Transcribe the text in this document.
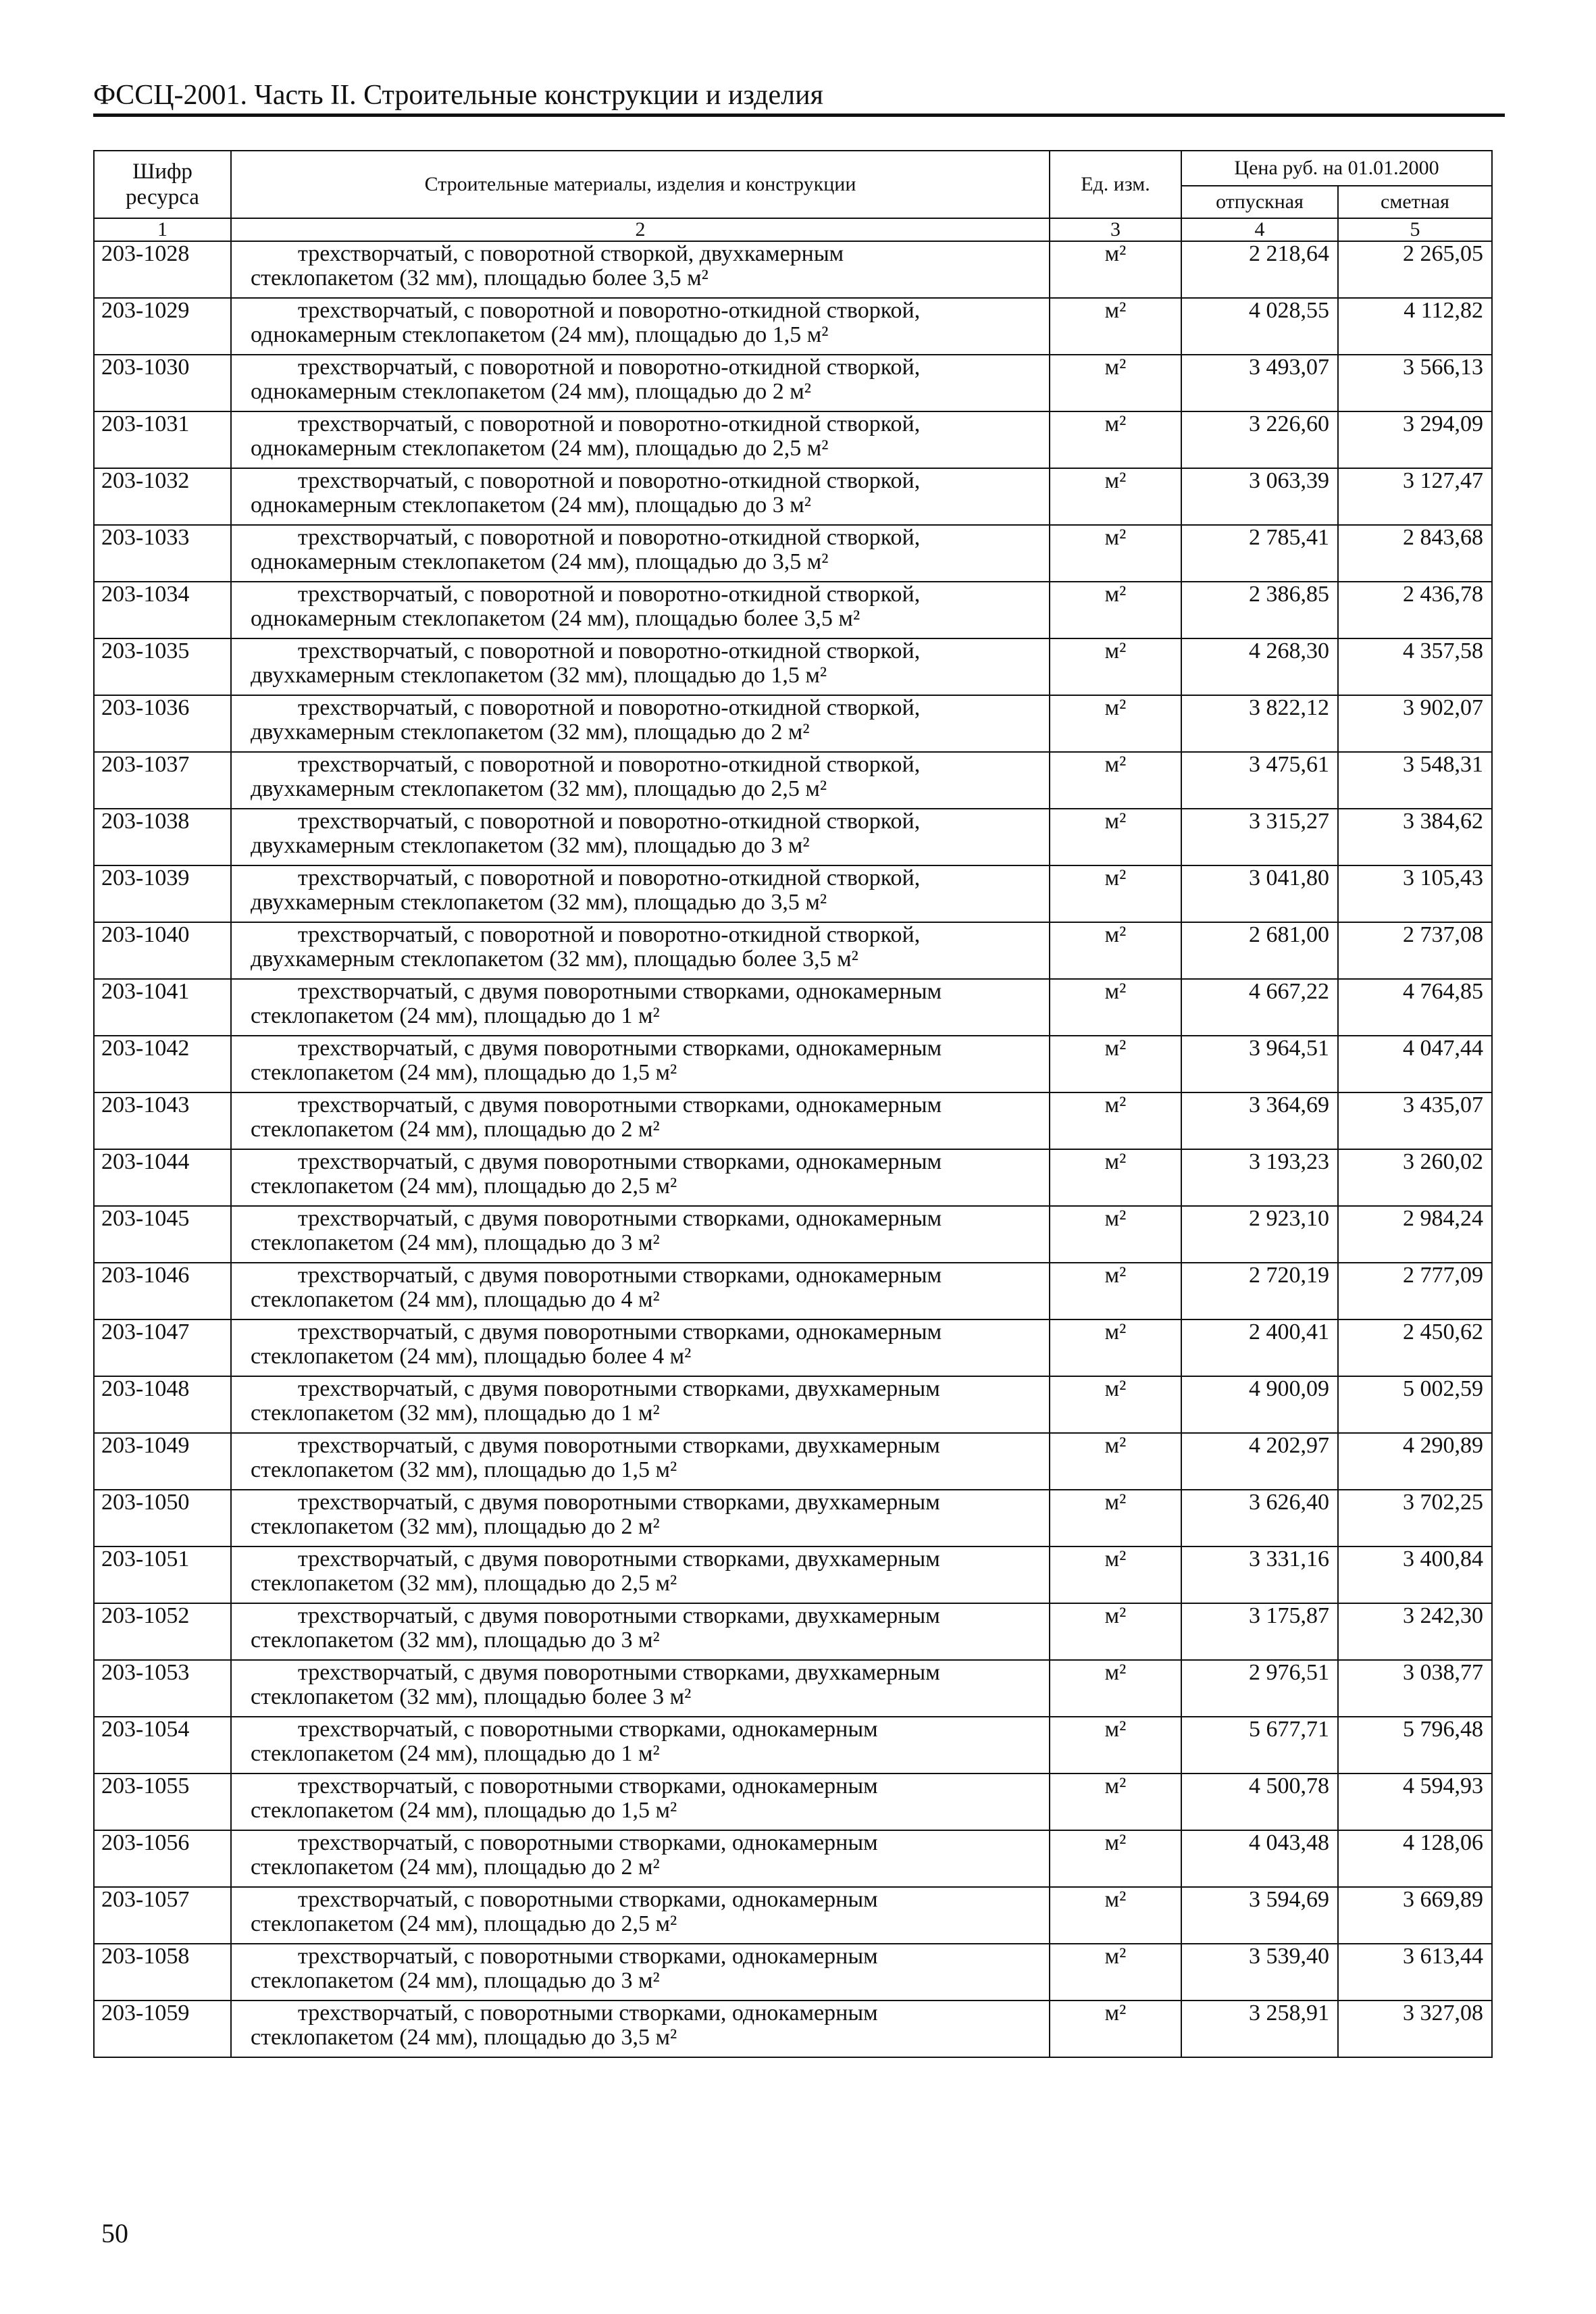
ФССЦ-2001. Часть II. Строительные конструкции и изделия
Шифр ресурса	Строительные материалы, изделия и конструкции	Ед. изм.	Цена руб. на 01.01.2000	
			отпускная	сметная
1	2	3	4	5
203-1028	трехстворчатый, с поворотной створкой, двухкамерным
стеклопакетом (32 мм), площадью более 3,5 м²	м²	2 218,64	2 265,05
203-1029	трехстворчатый, с поворотной и поворотно-откидной створкой,
однокамерным стеклопакетом (24 мм), площадью до 1,5 м²	м²	4 028,55	4 112,82
203-1030	трехстворчатый, с поворотной и поворотно-откидной створкой,
однокамерным стеклопакетом (24 мм), площадью до 2 м²	м²	3 493,07	3 566,13
203-1031	трехстворчатый, с поворотной и поворотно-откидной створкой,
однокамерным стеклопакетом (24 мм), площадью до 2,5 м²	м²	3 226,60	3 294,09
203-1032	трехстворчатый, с поворотной и поворотно-откидной створкой,
однокамерным стеклопакетом (24 мм), площадью до 3 м²	м²	3 063,39	3 127,47
203-1033	трехстворчатый, с поворотной и поворотно-откидной створкой,
однокамерным стеклопакетом (24 мм), площадью до 3,5 м²	м²	2 785,41	2 843,68
203-1034	трехстворчатый, с поворотной и поворотно-откидной створкой,
однокамерным стеклопакетом (24 мм), площадью более 3,5 м²	м²	2 386,85	2 436,78
203-1035	трехстворчатый, с поворотной и поворотно-откидной створкой,
двухкамерным стеклопакетом (32 мм), площадью до 1,5 м²	м²	4 268,30	4 357,58
203-1036	трехстворчатый, с поворотной и поворотно-откидной створкой,
двухкамерным стеклопакетом (32 мм), площадью до 2 м²	м²	3 822,12	3 902,07
203-1037	трехстворчатый, с поворотной и поворотно-откидной створкой,
двухкамерным стеклопакетом (32 мм), площадью до 2,5 м²	м²	3 475,61	3 548,31
203-1038	трехстворчатый, с поворотной и поворотно-откидной створкой,
двухкамерным стеклопакетом (32 мм), площадью до 3 м²	м²	3 315,27	3 384,62
203-1039	трехстворчатый, с поворотной и поворотно-откидной створкой,
двухкамерным стеклопакетом (32 мм), площадью до 3,5 м²	м²	3 041,80	3 105,43
203-1040	трехстворчатый, с поворотной и поворотно-откидной створкой,
двухкамерным стеклопакетом (32 мм), площадью более 3,5 м²	м²	2 681,00	2 737,08
203-1041	трехстворчатый, с двумя поворотными створками, однокамерным
стеклопакетом (24 мм), площадью до 1 м²	м²	4 667,22	4 764,85
203-1042	трехстворчатый, с двумя поворотными створками, однокамерным
стеклопакетом (24 мм), площадью до 1,5 м²	м²	3 964,51	4 047,44
203-1043	трехстворчатый, с двумя поворотными створками, однокамерным
стеклопакетом (24 мм), площадью до 2 м²	м²	3 364,69	3 435,07
203-1044	трехстворчатый, с двумя поворотными створками, однокамерным
стеклопакетом (24 мм), площадью до 2,5 м²	м²	3 193,23	3 260,02
203-1045	трехстворчатый, с двумя поворотными створками, однокамерным
стеклопакетом (24 мм), площадью до 3 м²	м²	2 923,10	2 984,24
203-1046	трехстворчатый, с двумя поворотными створками, однокамерным
стеклопакетом (24 мм), площадью до 4 м²	м²	2 720,19	2 777,09
203-1047	трехстворчатый, с двумя поворотными створками, однокамерным
стеклопакетом (24 мм), площадью более 4 м²	м²	2 400,41	2 450,62
203-1048	трехстворчатый, с двумя поворотными створками, двухкамерным
стеклопакетом (32 мм), площадью до 1 м²	м²	4 900,09	5 002,59
203-1049	трехстворчатый, с двумя поворотными створками, двухкамерным
стеклопакетом (32 мм), площадью до 1,5 м²	м²	4 202,97	4 290,89
203-1050	трехстворчатый, с двумя поворотными створками, двухкамерным
стеклопакетом (32 мм), площадью до 2 м²	м²	3 626,40	3 702,25
203-1051	трехстворчатый, с двумя поворотными створками, двухкамерным
стеклопакетом (32 мм), площадью до 2,5 м²	м²	3 331,16	3 400,84
203-1052	трехстворчатый, с двумя поворотными створками, двухкамерным
стеклопакетом (32 мм), площадью до 3 м²	м²	3 175,87	3 242,30
203-1053	трехстворчатый, с двумя поворотными створками, двухкамерным
стеклопакетом (32 мм), площадью более 3 м²	м²	2 976,51	3 038,77
203-1054	трехстворчатый, с поворотными створками, однокамерным
стеклопакетом (24 мм), площадью до 1 м²	м²	5 677,71	5 796,48
203-1055	трехстворчатый, с поворотными створками, однокамерным
стеклопакетом (24 мм), площадью до 1,5 м²	м²	4 500,78	4 594,93
203-1056	трехстворчатый, с поворотными створками, однокамерным
стеклопакетом (24 мм), площадью до 2 м²	м²	4 043,48	4 128,06
203-1057	трехстворчатый, с поворотными створками, однокамерным
стеклопакетом (24 мм), площадью до 2,5 м²	м²	3 594,69	3 669,89
203-1058	трехстворчатый, с поворотными створками, однокамерным
стеклопакетом (24 мм), площадью до 3 м²	м²	3 539,40	3 613,44
203-1059	трехстворчатый, с поворотными створками, однокамерным
стеклопакетом (24 мм), площадью до 3,5 м²	м²	3 258,91	3 327,08
50
